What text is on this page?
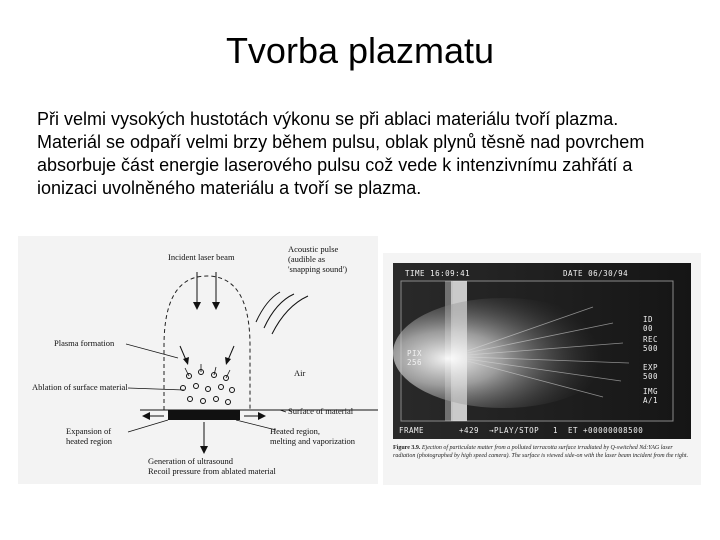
Tvorba plazmatu
Při velmi vysokých hustotách výkonu se při ablaci materiálu tvoří plazma. Materiál se odpaří velmi brzy během pulsu, oblak plynů těsně nad povrchem absorbuje část energie laserového pulsu což vede k intenzivnímu zahřátí a ionizaci uvolněného materiálu a tvoří se plazma.
Incident laser beam
Acoustic pulse
(audible as
'snapping sound')
Plasma formation
Air
Ablation of surface material
Surface of material
Expansion of
heated region
Heated region,
melting and vaporization
Generation of ultrasound
Recoil pressure from ablated material
TIME 16:09:41	DATE 06/30/94
ID
00
REC
500
PIX
256
EXP
500
IMG
A/1
FRAME	+429 →PLAY/STOP 1 ET +00000008500
Figure 3.9. Ejection of particulate matter from a polluted terracotta surface irradiated by Q-switched Nd:YAG laser radiation (photographed by high speed camera). The surface is viewed side-on with the laser beam incident from the right.
